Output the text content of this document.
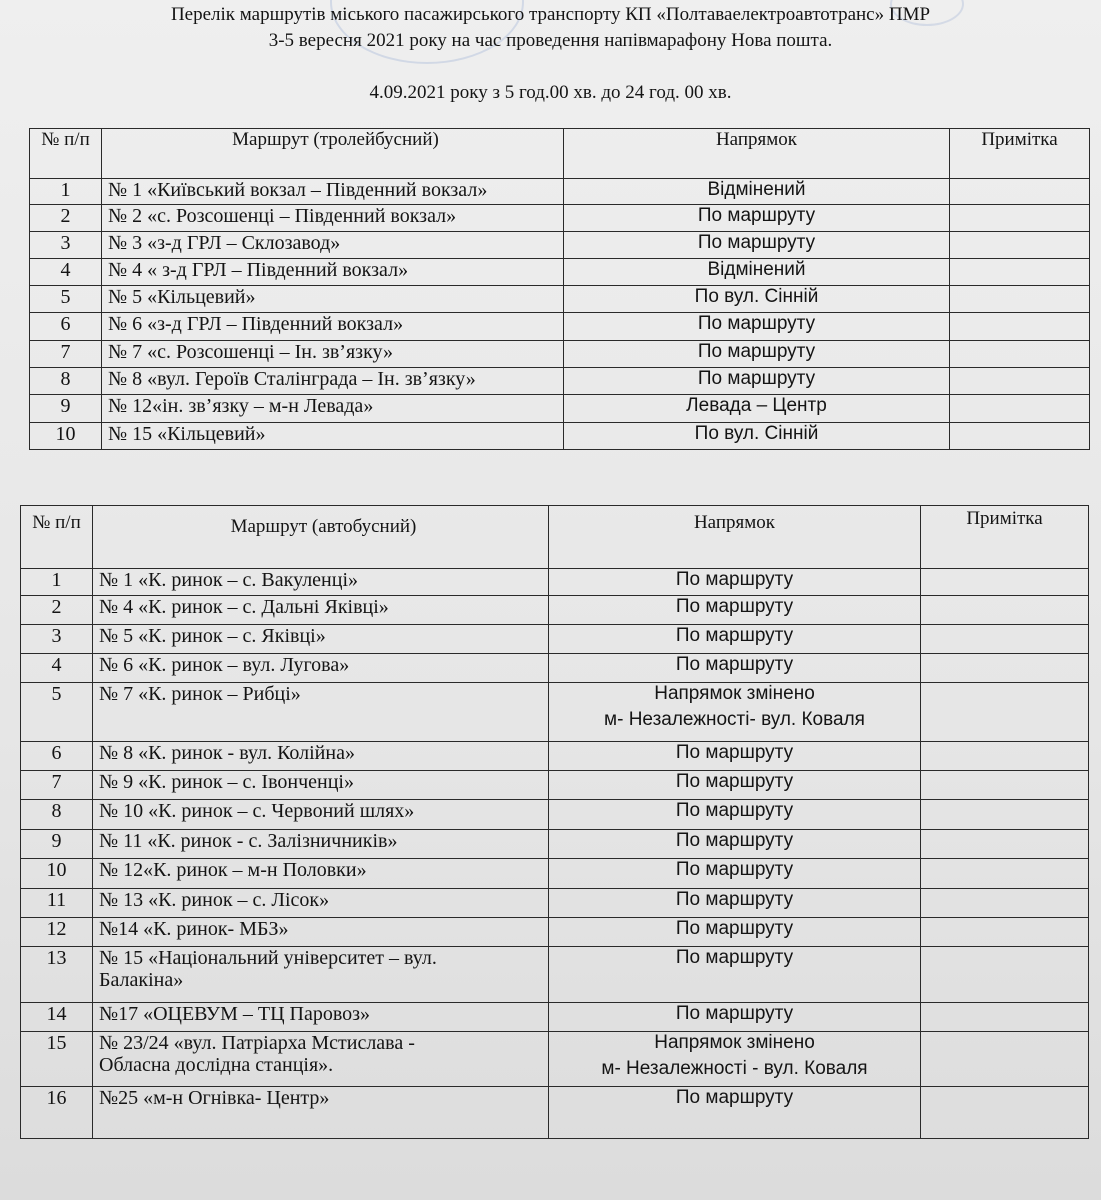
Перелік маршрутів міського пасажирського транспорту КП «Полтаваелектроавтотранс» ПМР
3-5 вересня 2021 року на час проведення напівмарафону Нова пошта.
4.09.2021 року з 5 год.00 хв. до 24 год. 00 хв.
№ п/п	Маршрут (тролейбусний)	Напрямок	Примітка
1	№ 1 «Київський вокзал – Південний вокзал»	Відмінений	

2	№ 2 «с. Розсошенці – Південний вокзал»	По маршруту	

3	№ 3 «з-д ГРЛ – Склозавод»	По маршруту	

4	№ 4 « з-д ГРЛ – Південний вокзал»	Відмінений	

5	№ 5 «Кільцевий»	По вул. Сінній	

6	№ 6 «з-д ГРЛ – Південний вокзал»	По маршруту	

7	№ 7 «с. Розсошенці – Ін. зв’язку»	По маршруту	

8	№ 8 «вул. Героїв Сталінграда – Ін. зв’язку»	По маршруту	

9	№ 12«ін. зв’язку – м-н Левада»	Левада – Центр	

10	№ 15 «Кільцевий»	По вул. Сінній	

№ п/п	Маршрут (автобусний)	Напрямок	Примітка
1	№ 1 «К. ринок – с. Вакуленці»	По маршруту	

2	№ 4 «К. ринок – с. Дальні Яківці»	По маршруту	

3	№ 5 «К. ринок – с. Яківці»	По маршруту	

4	№ 6 «К. ринок – вул. Лугова»	По маршруту	

5	№ 7 «К. ринок – Рибці»	Напрямок змінено
м- Незалежності- вул. Коваля	

6	№ 8 «К. ринок - вул. Колійна»	По маршруту	

7	№ 9 «К. ринок – с. Івонченці»	По маршруту	

8	№ 10 «К. ринок – с. Червоний шлях»	По маршруту	

9	№ 11 «К. ринок - с. Залізничників»	По маршруту	

10	№ 12«К. ринок – м-н Половки»	По маршруту	

11	№ 13 «К. ринок – с. Лісок»	По маршруту	

12	№14 «К. ринок- МБЗ»	По маршруту	

13	№ 15 «Національний університет – вул.
Балакіна»	По маршруту	

14	№17 «ОЦЕВУМ – ТЦ Паровоз»	По маршруту	

15	№ 23/24 «вул. Патріарха Мстислава -
Обласна дослідна станція».	Напрямок змінено
м- Незалежності - вул. Коваля	

16	№25 «м-н Огнівка- Центр»	По маршруту	
